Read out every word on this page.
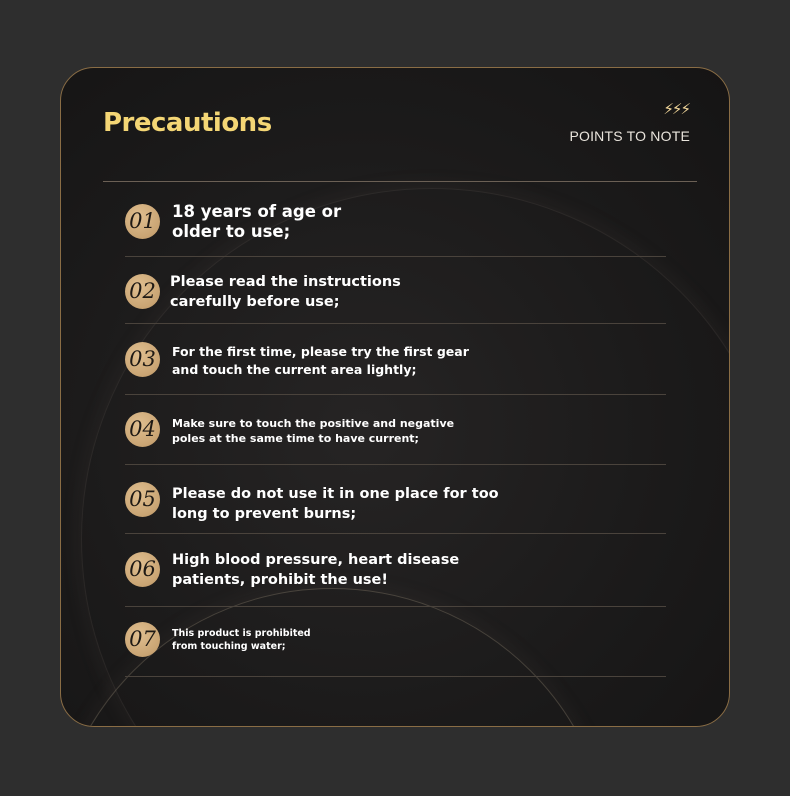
Precautions	⚡⚡⚡
POINTS TO NOTE
01 18 years of age or
older to use;

02 Please read the instructions
carefully before use;

03	For the first time, please try the first gear
and touch the current area lightly;

04	Make sure to touch the positive and negative
poles at the same time to have current;

05 Please do not use it in one place for too
long to prevent burns;

06 High blood pressure, heart disease
patients, prohibit the use!

07	This product is prohibited
from touching water;
